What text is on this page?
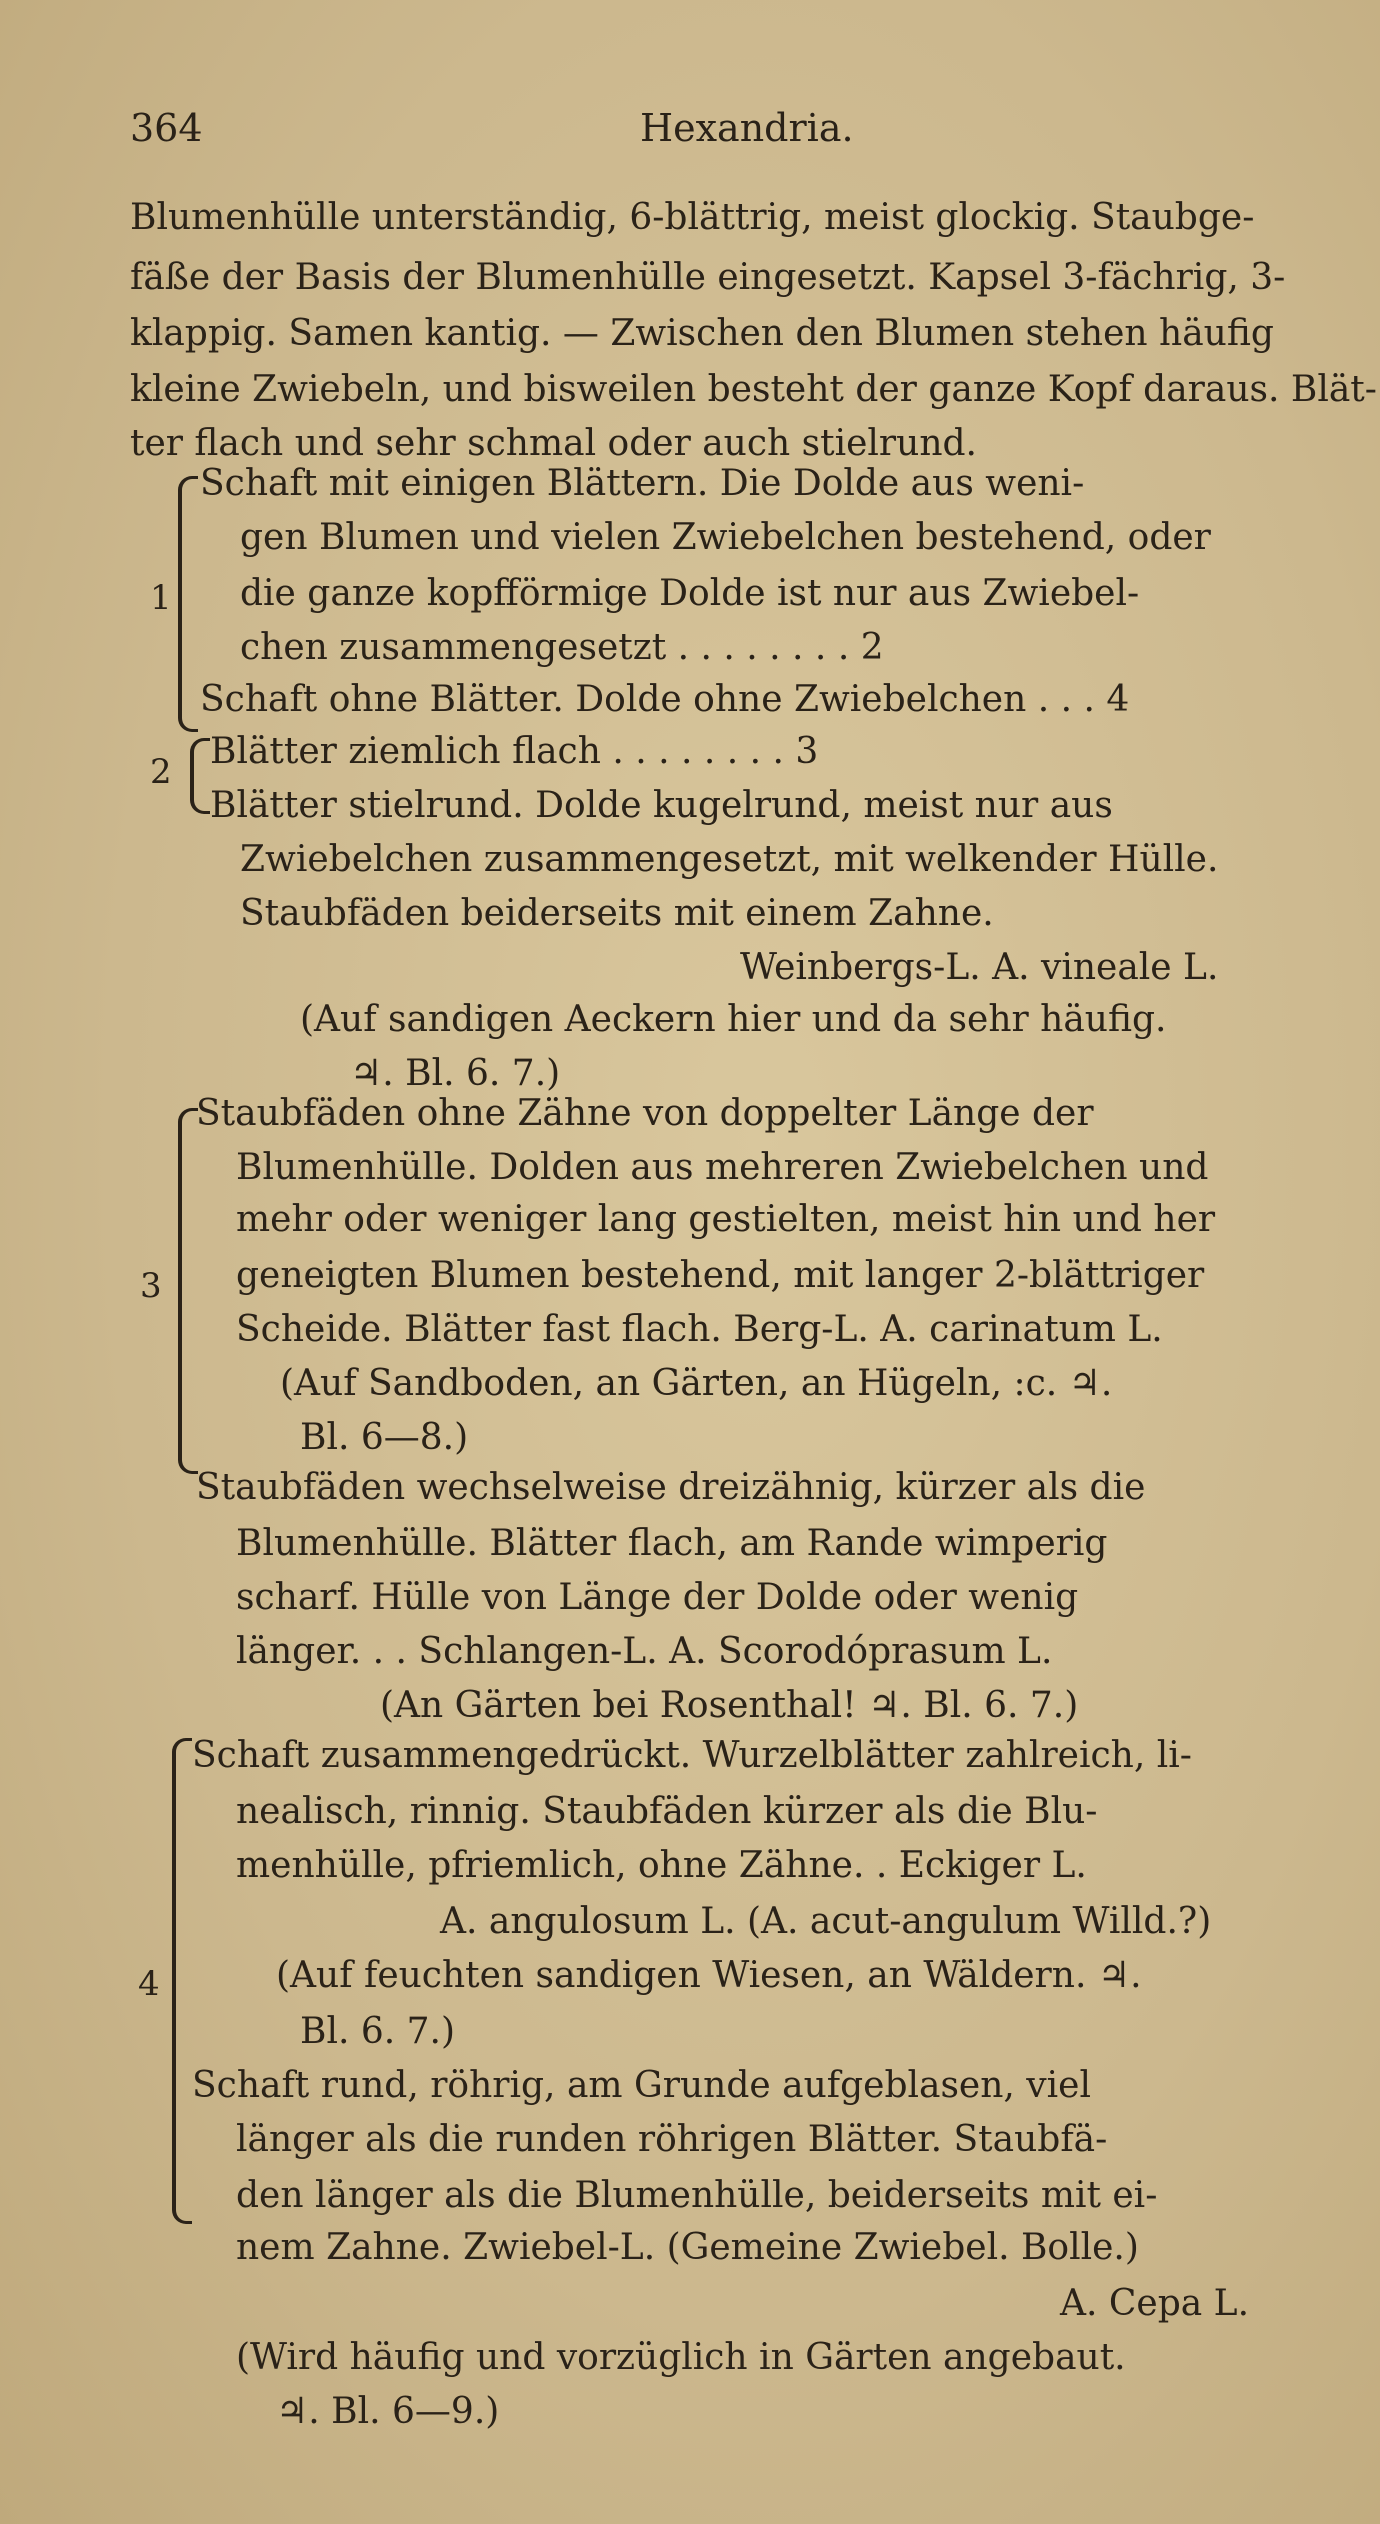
364	Hexandria.
Blumenhülle unterständig, 6-blättrig, meist glockig. Staubge-
fäße der Basis der Blumenhülle eingesetzt. Kapsel 3-fächrig, 3-
klappig. Samen kantig. — Zwischen den Blumen stehen häufig
kleine Zwiebeln, und bisweilen besteht der ganze Kopf daraus. Blät-
ter flach und sehr schmal oder auch stielrund.
1
Schaft mit einigen Blättern. Die Dolde aus weni-
gen Blumen und vielen Zwiebelchen bestehend, oder
die ganze kopfförmige Dolde ist nur aus Zwiebel-
chen zusammengesetzt . . . . . . . . 2
Schaft ohne Blätter. Dolde ohne Zwiebelchen . . . 4
2 Blätter ziemlich flach . . . . . . . . 3
Blätter stielrund. Dolde kugelrund, meist nur aus
Zwiebelchen zusammengesetzt, mit welkender Hülle.
Staubfäden beiderseits mit einem Zahne.
Weinbergs-L. A. vineale L.
(Auf sandigen Aeckern hier und da sehr häufig.
♃. Bl. 6. 7.)
3
Staubfäden ohne Zähne von doppelter Länge der
Blumenhülle. Dolden aus mehreren Zwiebelchen und
mehr oder weniger lang gestielten, meist hin und her
geneigten Blumen bestehend, mit langer 2-blättriger
Scheide. Blätter fast flach. Berg-L. A. carinatum L.
(Auf Sandboden, an Gärten, an Hügeln, :c. ♃.
Bl. 6—8.)
Staubfäden wechselweise dreizähnig, kürzer als die
Blumenhülle. Blätter flach, am Rande wimperig
scharf. Hülle von Länge der Dolde oder wenig
länger. . . Schlangen-L. A. Scorodóprasum L.
(An Gärten bei Rosenthal! ♃. Bl. 6. 7.)
4
Schaft zusammengedrückt. Wurzelblätter zahlreich, li-
nealisch, rinnig. Staubfäden kürzer als die Blu-
menhülle, pfriemlich, ohne Zähne. . Eckiger L.
A. angulosum L. (A. acut-angulum Willd.?)
(Auf feuchten sandigen Wiesen, an Wäldern. ♃.
Bl. 6. 7.)
Schaft rund, röhrig, am Grunde aufgeblasen, viel
länger als die runden röhrigen Blätter. Staubfä-
den länger als die Blumenhülle, beiderseits mit ei-
nem Zahne. Zwiebel-L. (Gemeine Zwiebel. Bolle.)
A. Cepa L.
(Wird häufig und vorzüglich in Gärten angebaut.
♃. Bl. 6—9.)
